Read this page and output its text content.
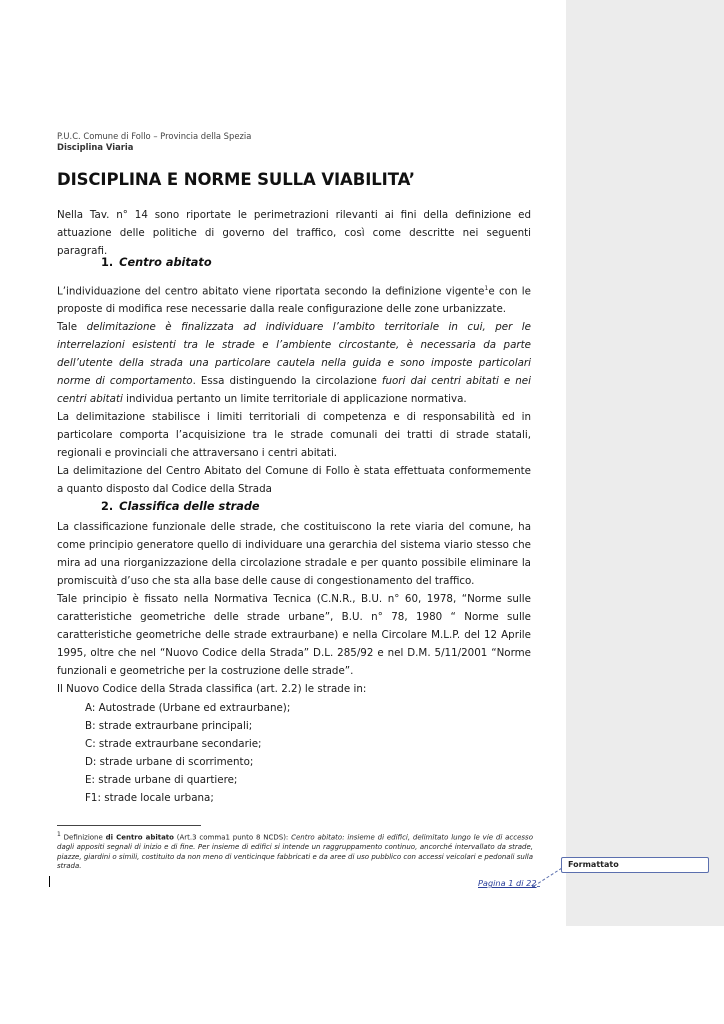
P.U.C. Comune di Follo – Provincia della Spezia
Disciplina Viaria
DISCIPLINA E NORME SULLA VIABILITA’

Nella Tav. n° 14 sono riportate le perimetrazioni rilevanti ai fini della definizione ed attuazione delle politiche di governo del traffico, così come descritte nei seguenti paragrafi.

1. Centro abitato

L’individuazione del centro abitato viene riportata secondo la definizione vigente$^1$e con le proposte di modifica rese necessarie dalla reale configurazione delle zone urbanizzate.

Tale delimitazione è finalizzata ad individuare l’ambito territoriale in cui, per le interrelazioni esistenti tra le strade e l’ambiente circostante, è necessaria da parte dell’utente della strada una particolare cautela nella guida e sono imposte particolari norme di comportamento. Essa distinguendo la circolazione fuori dai centri abitati e nei centri abitati individua pertanto un limite territoriale di applicazione normativa.

La delimitazione stabilisce i limiti territoriali di competenza e di responsabilità ed in particolare comporta l’acquisizione tra le strade comunali dei tratti di strade statali, regionali e provinciali che attraversano i centri abitati.

La delimitazione del Centro Abitato del Comune di Follo è stata effettuata conformemente a quanto disposto dal Codice della Strada

2. Classifica delle strade

La classificazione funzionale delle strade, che costituiscono la rete viaria del comune, ha come principio generatore quello di individuare una gerarchia del sistema viario stesso che mira ad una riorganizzazione della circolazione stradale e per quanto possibile eliminare la promiscuità d’uso che sta alla base delle cause di congestionamento del traffico.

Tale principio è fissato nella Normativa Tecnica (C.N.R., B.U. n° 60, 1978, “Norme sulle caratteristiche geometriche delle strade urbane”, B.U. n° 78, 1980 “ Norme sulle caratteristiche geometriche delle strade extraurbane) e nella Circolare M.L.P. del 12 Aprile 1995, oltre che nel “Nuovo Codice della Strada” D.L. 285/92 e nel D.M. 5/11/2001 “Norme funzionali e geometriche per la costruzione delle strade”.

Il Nuovo Codice della Strada classifica (art. 2.2) le strade in:

A: Autostrade (Urbane ed extraurbane);
B: strade extraurbane principali;
C: strade extraurbane secondarie;
D: strade urbane di scorrimento;
E: strade urbane di quartiere;
F1: strade locale urbana;
1 Definizione di Centro abitato (Art.3 comma1 punto 8 NCDS): Centro abitato: insieme di edifici, delimitato lungo le vie di accesso dagli appositi segnali di inizio e di fine. Per insieme di edifici si intende un raggruppamento continuo, ancorché intervallato da strade, piazze, giardini o simili, costituito da non meno di venticinque fabbricati e da aree di uso pubblico con accessi veicolari e pedonali sulla strada.
Pagina 1 di 22
Formattato
